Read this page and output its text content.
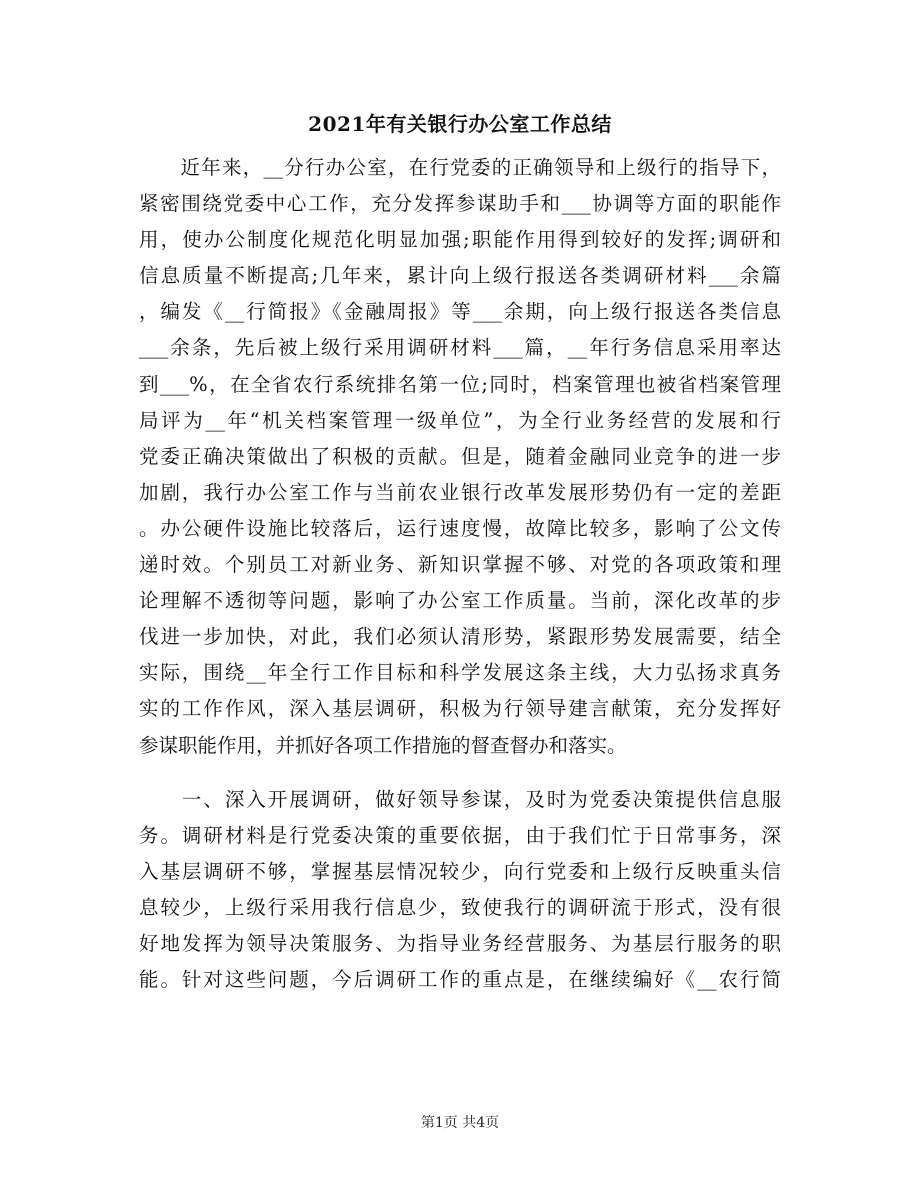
2021年有关银行办公室工作总结
　　近年来，__分行办公室，在行党委的正确领导和上级行的指导下，
紧密围绕党委中心工作，充分发挥参谋助手和___协调等方面的职能作
用，使办公制度化规范化明显加强;职能作用得到较好的发挥;调研和
信息质量不断提高;几年来，累计向上级行报送各类调研材料___余篇
，编发《__行简报》《金融周报》等___余期，向上级行报送各类信息
___余条，先后被上级行采用调研材料___篇，__年行务信息采用率达
到___%，在全省农行系统排名第一位;同时，档案管理也被省档案管理
局评为__年“机关档案管理一级单位”，为全行业务经营的发展和行
党委正确决策做出了积极的贡献。但是，随着金融同业竞争的进一步
加剧，我行办公室工作与当前农业银行改革发展形势仍有一定的差距
。办公硬件设施比较落后，运行速度慢，故障比较多，影响了公文传
递时效。个别员工对新业务、新知识掌握不够、对党的各项政策和理
论理解不透彻等问题，影响了办公室工作质量。当前，深化改革的步
伐进一步加快，对此，我们必须认清形势，紧跟形势发展需要，结全
实际，围绕__年全行工作目标和科学发展这条主线，大力弘扬求真务
实的工作作风，深入基层调研，积极为行领导建言献策，充分发挥好
参谋职能作用，并抓好各项工作措施的督查督办和落实。
　　一、深入开展调研，做好领导参谋，及时为党委决策提供信息服
务。调研材料是行党委决策的重要依据，由于我们忙于日常事务，深
入基层调研不够，掌握基层情况较少，向行党委和上级行反映重头信
息较少，上级行采用我行信息少，致使我行的调研流于形式，没有很
好地发挥为领导决策服务、为指导业务经营服务、为基层行服务的职
能。针对这些问题，今后调研工作的重点是，在继续编好《__农行简
第1页 共4页
